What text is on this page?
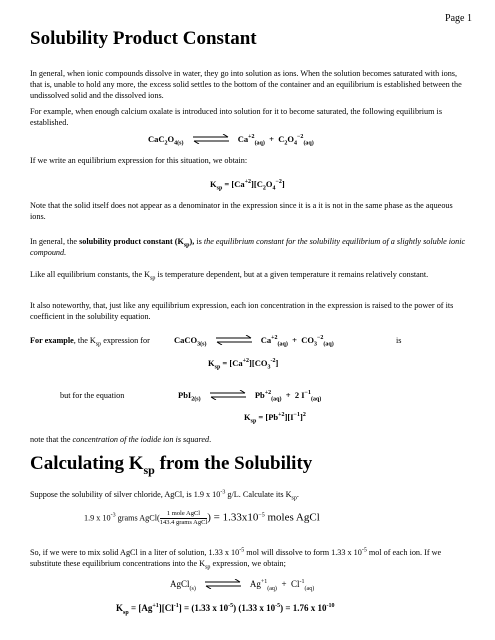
Page 1
Solubility Product Constant

In general, when ionic compounds dissolve in water, they go into solution as ions. When the solution becomes saturated with ions, that is, unable to hold any more, the excess solid settles to the bottom of the container and an equilibrium is established between the undissolved solid and the dissolved ions.

For example, when enough calcium oxalate is introduced into solution for it to become saturated, the following equilibrium is established.

$CaC_2O_{4(s)}$	$Ca^{+2}_{(aq)} + C_2O_4^{-2}_{(aq)}$

If we write an equilibrium expression for this situation, we obtain:

$K_{sp} = [Ca^{+2}][C_2O_4^{-2}]$

Note that the solid itself does not appear as a denominator in the expression since it is a it is not in the same phase as the aqueous ions.

In general, the solubility product constant $(K_{sp})$, is the equilibrium constant for the solubility equilibrium of a slightly soluble ionic compound.

Like all equilibrium constants, the $K_{sp}$ is temperature dependent, but at a given temperature it remains relatively constant.

It also noteworthy, that, just like any equilibrium expression, each ion concentration in the expression is raised to the power of its coefficient in the solubility equation.

For example, the $K_{sp}$ expression for	CaCO$_{3(s)}$	$Ca^{+2}_{(aq)} + CO_3^{-2}_{(aq)}$	is
$K_{sp} = [Ca^{+2}][CO_3^{-2}]$
but for the equation	PbI$_{2(s)}$	$Pb^{+2}_{(aq)} + 2$ $I^{-1}_{(aq)}$
$K_{sp} = [Pb^{+2}][I^{-1}]^2$

note that the concentration of the iodide ion is squared.

Calculating $K_{sp}$ from the Solubility

Suppose the solubility of silver chloride, AgCl, is 1.9 x $10^{-3}$ g/L. Calculate its $K_{sp}$.

1.9 x $10^{-3}$ grams AgCl( $\frac{\text{1 mole AgCl}}{\text{143.4 grams AgCl}}$ ) = $1.33x10^{-5}$ moles AgCl

So, if we were to mix solid AgCl in a liter of solution, 1.33 x $10^{-5}$ mol will dissolve to form 1.33 x $10^{-5}$ mol of each ion. If we substitute these equilibrium concentrations into the $K_{sp}$ expression, we obtain;

AgCl$_{(s)}$	$Ag^{+1}_{(aq)} + Cl^{-1}_{(aq)}$
$K_{sp} = [Ag^{+1}][Cl^{-1}] = (1.33$ x $10^{-5}$) (1.33 x $10^{-5}) = 1.76$ x $10^{-10}$
